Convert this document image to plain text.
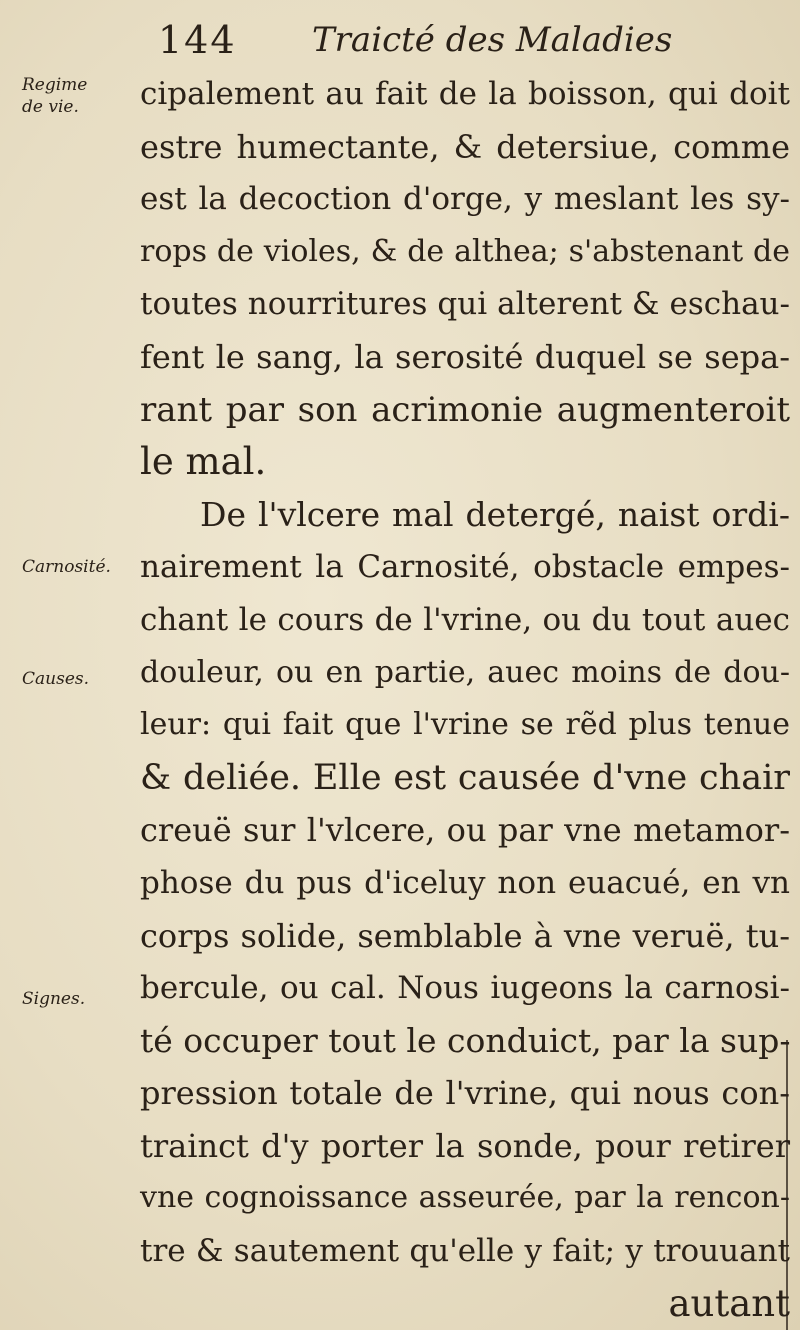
144 Traicté des Maladies
Regime
de vie.
Carnosité.
Causes.
Signes.
cipalement au fait de la boisson, qui doit
estre humectante, & detersiue, comme
est la decoction d'orge, y meslant les sy-
rops de violes, & de althea; s'abstenant de
toutes nourritures qui alterent & eschau-
fent le sang, la serosité duquel se sepa-
rant par son acrimonie augmenteroit
le mal.
De l'vlcere mal detergé, naist ordi-
nairement la Carnosité, obstacle empes-
chant le cours de l'vrine, ou du tout auec
douleur, ou en partie, auec moins de dou-
leur: qui fait que l'vrine se rẽd plus tenue
& deliée. Elle est causée d'vne chair
creuë sur l'vlcere, ou par vne metamor-
phose du pus d'iceluy non euacué, en vn
corps solide, semblable à vne veruë, tu-
bercule, ou cal. Nous iugeons la carnosi-
té occuper tout le conduict, par la sup-
pression totale de l'vrine, qui nous con-
trainct d'y porter la sonde, pour retirer
vne cognoissance asseurée, par la rencon-
tre & sautement qu'elle y fait; y trouuant
autant
